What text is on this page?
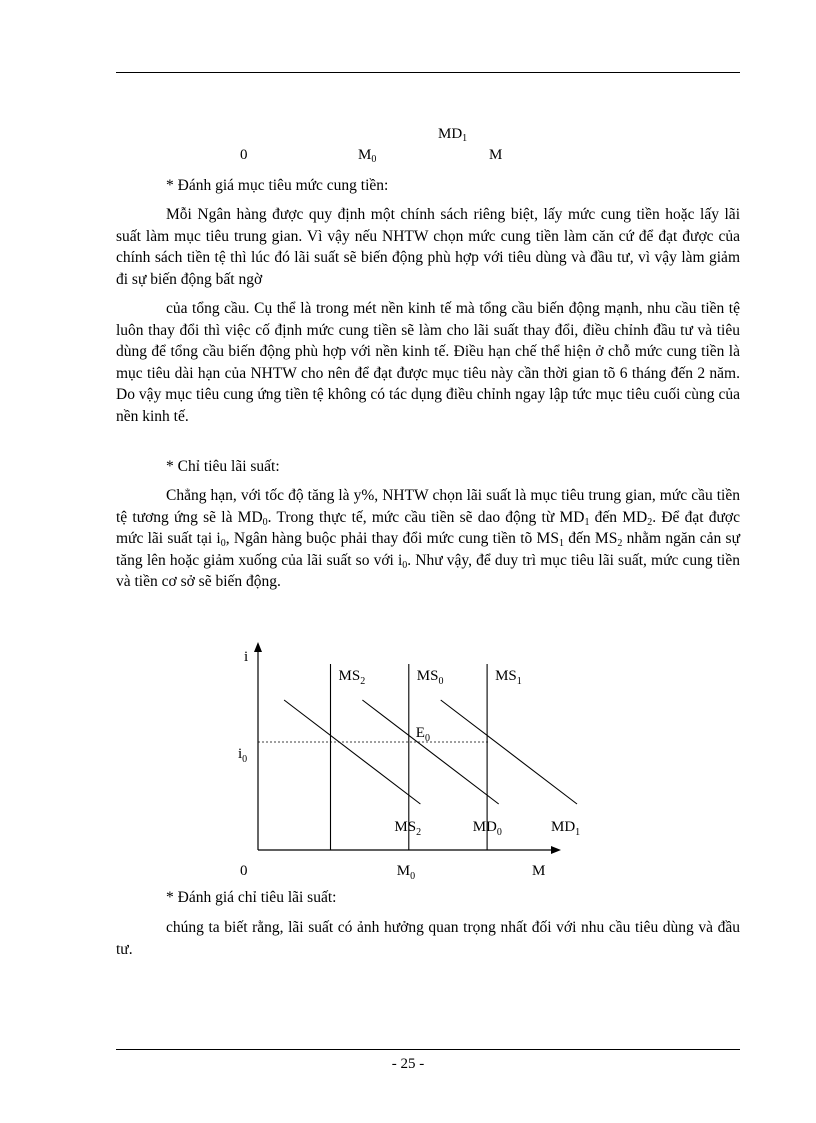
$MD_1$
0	$M_0$	M
* Đánh giá mục tiêu mức cung tiền:
Mỗi Ngân hàng được quy định một chính sách riêng biệt, lấy mức cung tiền hoặc lấy lãi suất làm mục tiêu trung gian. Vì vậy nếu NHTW chọn mức cung tiền làm căn cứ để đạt được của chính sách tiền tệ thì lúc đó lãi suất sẽ biến động phù hợp với tiêu dùng và đầu tư, vì vậy làm giảm đi sự biến động bất ngờ
của tổng cầu. Cụ thể là trong mét nền kinh tế mà tổng cầu biến động mạnh, nhu cầu tiền tệ luôn thay đổi thì việc cố định mức cung tiền sẽ làm cho lãi suất thay đổi, điều chỉnh đầu tư và tiêu dùng để tổng cầu biến động phù hợp với nền kinh tế. Điều hạn chế thể hiện ở chỗ mức cung tiền là mục tiêu dài hạn của NHTW cho nên để đạt được mục tiêu này cần thời gian tõ 6 tháng đến 2 năm. Do vậy mục tiêu cung ứng tiền tệ không có tác dụng điều chỉnh ngay lập tức mục tiêu cuối cùng của nền kinh tế.
* Chỉ tiêu lãi suất:
Chẳng hạn, với tốc độ tăng là y%, NHTW chọn lãi suất là mục tiêu trung gian, mức cầu tiền tệ tương ứng sẽ là $MD_0$. Trong thực tế, mức cầu tiền sẽ dao động từ $MD_1$ đến $MD_2$. Để đạt được mức lãi suất tại $i_0$, Ngân hàng buộc phải thay đổi mức cung tiền tõ $MS_1$ đến $MS_2$ nhằm ngăn cản sự tăng lên hoặc giảm xuống của lãi suất so với $i_0$. Như vậy, để duy trì mục tiêu lãi suất, mức cung tiền và tiền cơ sở sẽ biến động.
$MS_2$	$MS_0$	$MS_1$
$MS_2$	$MD_0$	$MD_1$
$E_0$
i
$i_0$
0	$M_0$	M
* Đánh giá chỉ tiêu lãi suất:
chúng ta biết rằng, lãi suất có ảnh hưởng quan trọng nhất đối với nhu cầu tiêu dùng và đầu tư.
- 25 -
